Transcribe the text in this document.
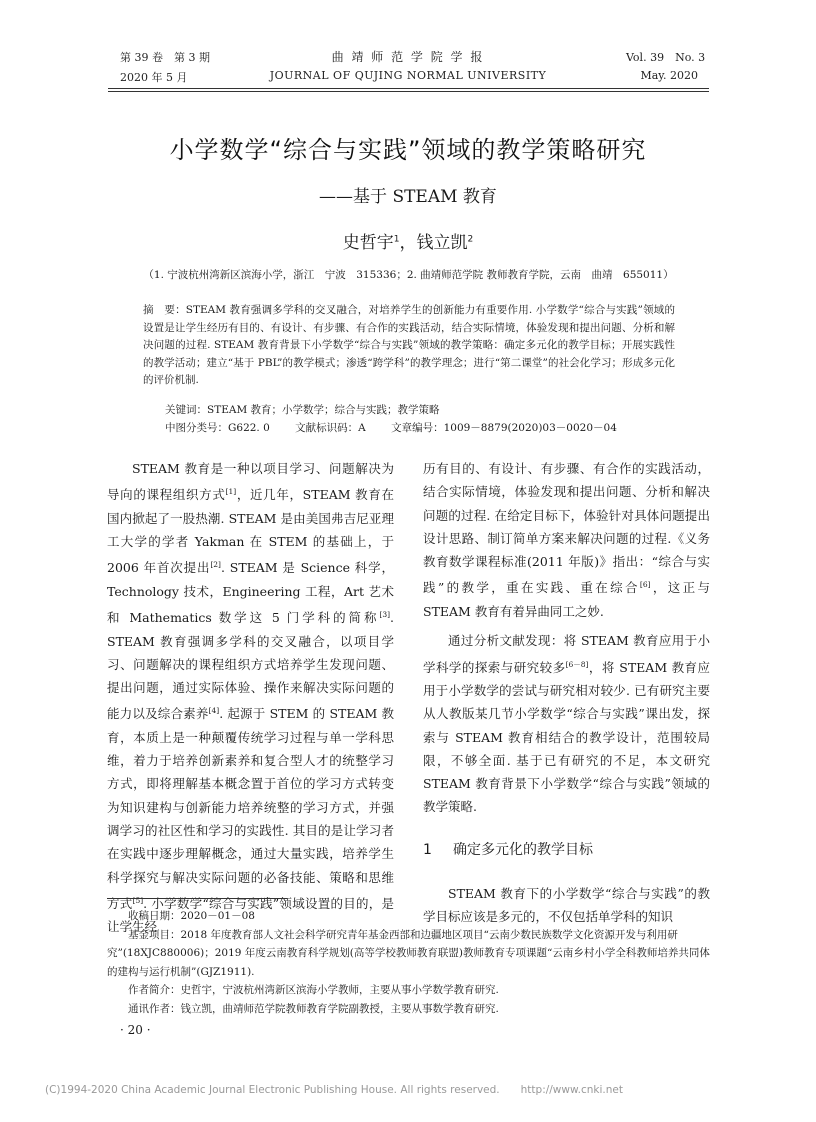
第 39 卷　第 3 期
2020 年 5 月
曲 靖 师 范 学 院 学 报
JOURNAL OF QUJING NORMAL UNIVERSITY
Vol. 39　No. 3
May. 2020
小学数学“综合与实践”领域的教学策略研究
——基于 STEAM 教育
史哲宇$^1$，钱立凯$^2$
（1. 宁波杭州湾新区滨海小学，浙江　宁波　315336；2. 曲靖师范学院 教师教育学院，云南　曲靖　655011）
摘　要：STEAM 教育强调多学科的交叉融合，对培养学生的创新能力有重要作用. 小学数学“综合与实践”领域的设置是让学生经历有目的、有设计、有步骤、有合作的实践活动，结合实际情境，体验发现和提出问题、分析和解决问题的过程. STEAM 教育背景下小学数学“综合与实践”领域的教学策略：确定多元化的教学目标；开展实践性的教学活动；建立“基于 PBL”的教学模式；渗透“跨学科”的教学理念；进行“第二课堂”的社会化学习；形成多元化的评价机制.
关键词：STEAM 教育；小学数学；综合与实践；教学策略
中图分类号：G622. 0 文献标识码：A 文章编号：1009－8879(2020)03－0020－04

STEAM 教育是一种以项目学习、问题解决为导向的课程组织方式[1]，近几年，STEAM 教育在国内掀起了一股热潮. STEAM 是由美国弗吉尼亚理工大学的学者 Yakman 在 STEM 的基础上，于 2006 年首次提出[2]. STEAM 是 Science 科学，Technology 技术，Engineering 工程，Art 艺术和 Mathematics 数学这 5 门学科的简称[3]. STEAM 教育强调多学科的交叉融合，以项目学习、问题解决的课程组织方式培养学生发现问题、提出问题，通过实际体验、操作来解决实际问题的能力以及综合素养[4]. 起源于 STEM 的 STEAM 教育，本质上是一种颠覆传统学习过程与单一学科思维，着力于培养创新素养和复合型人才的统整学习方式，即将理解基本概念置于首位的学习方式转变为知识建构与创新能力培养统整的学习方式，并强调学习的社区性和学习的实践性. 其目的是让学习者在实践中逐步理解概念，通过大量实践，培养学生科学探究与解决实际问题的必备技能、策略和思维方式[5]. 小学数学“综合与实践”领域设置的目的，是让学生经

历有目的、有设计、有步骤、有合作的实践活动，结合实际情境，体验发现和提出问题、分析和解决问题的过程. 在给定目标下，体验针对具体问题提出设计思路、制订简单方案来解决问题的过程.《义务教育数学课程标准(2011 年版)》指出：“综合与实践”的教学，重在实践、重在综合[6]，这正与 STEAM 教育有着异曲同工之妙.

通过分析文献发现：将 STEAM 教育应用于小学科学的探索与研究较多[6－8]，将 STEAM 教育应用于小学数学的尝试与研究相对较少. 已有研究主要从人教版某几节小学数学“综合与实践”课出发，探索与 STEAM 教育相结合的教学设计，范围较局限，不够全面. 基于已有研究的不足，本文研究 STEAM 教育背景下小学数学“综合与实践”领域的教学策略.

1 确定多元化的教学目标

STEAM 教育下的小学数学“综合与实践”的教学目标应该是多元的，不仅包括单学科的知识

收稿日期：2020－01－08
基金项目：2018 年度教育部人文社会科学研究青年基金西部和边疆地区项目“云南少数民族数学文化资源开发与利用研究”(18XJC880006)；2019 年度云南教育科学规划(高等学校教师教育联盟)教师教育专项课题“云南乡村小学全科教师培养共同体的建构与运行机制”(GJZ1911).
作者简介：史哲宇，宁波杭州湾新区滨海小学教师，主要从事小学数学教育研究.
通讯作者：钱立凯，曲靖师范学院教师教育学院副教授，主要从事数学教育研究.
· 20 ·
(C)1994-2020 China Academic Journal Electronic Publishing House. All rights reserved.　　http://www.cnki.net
